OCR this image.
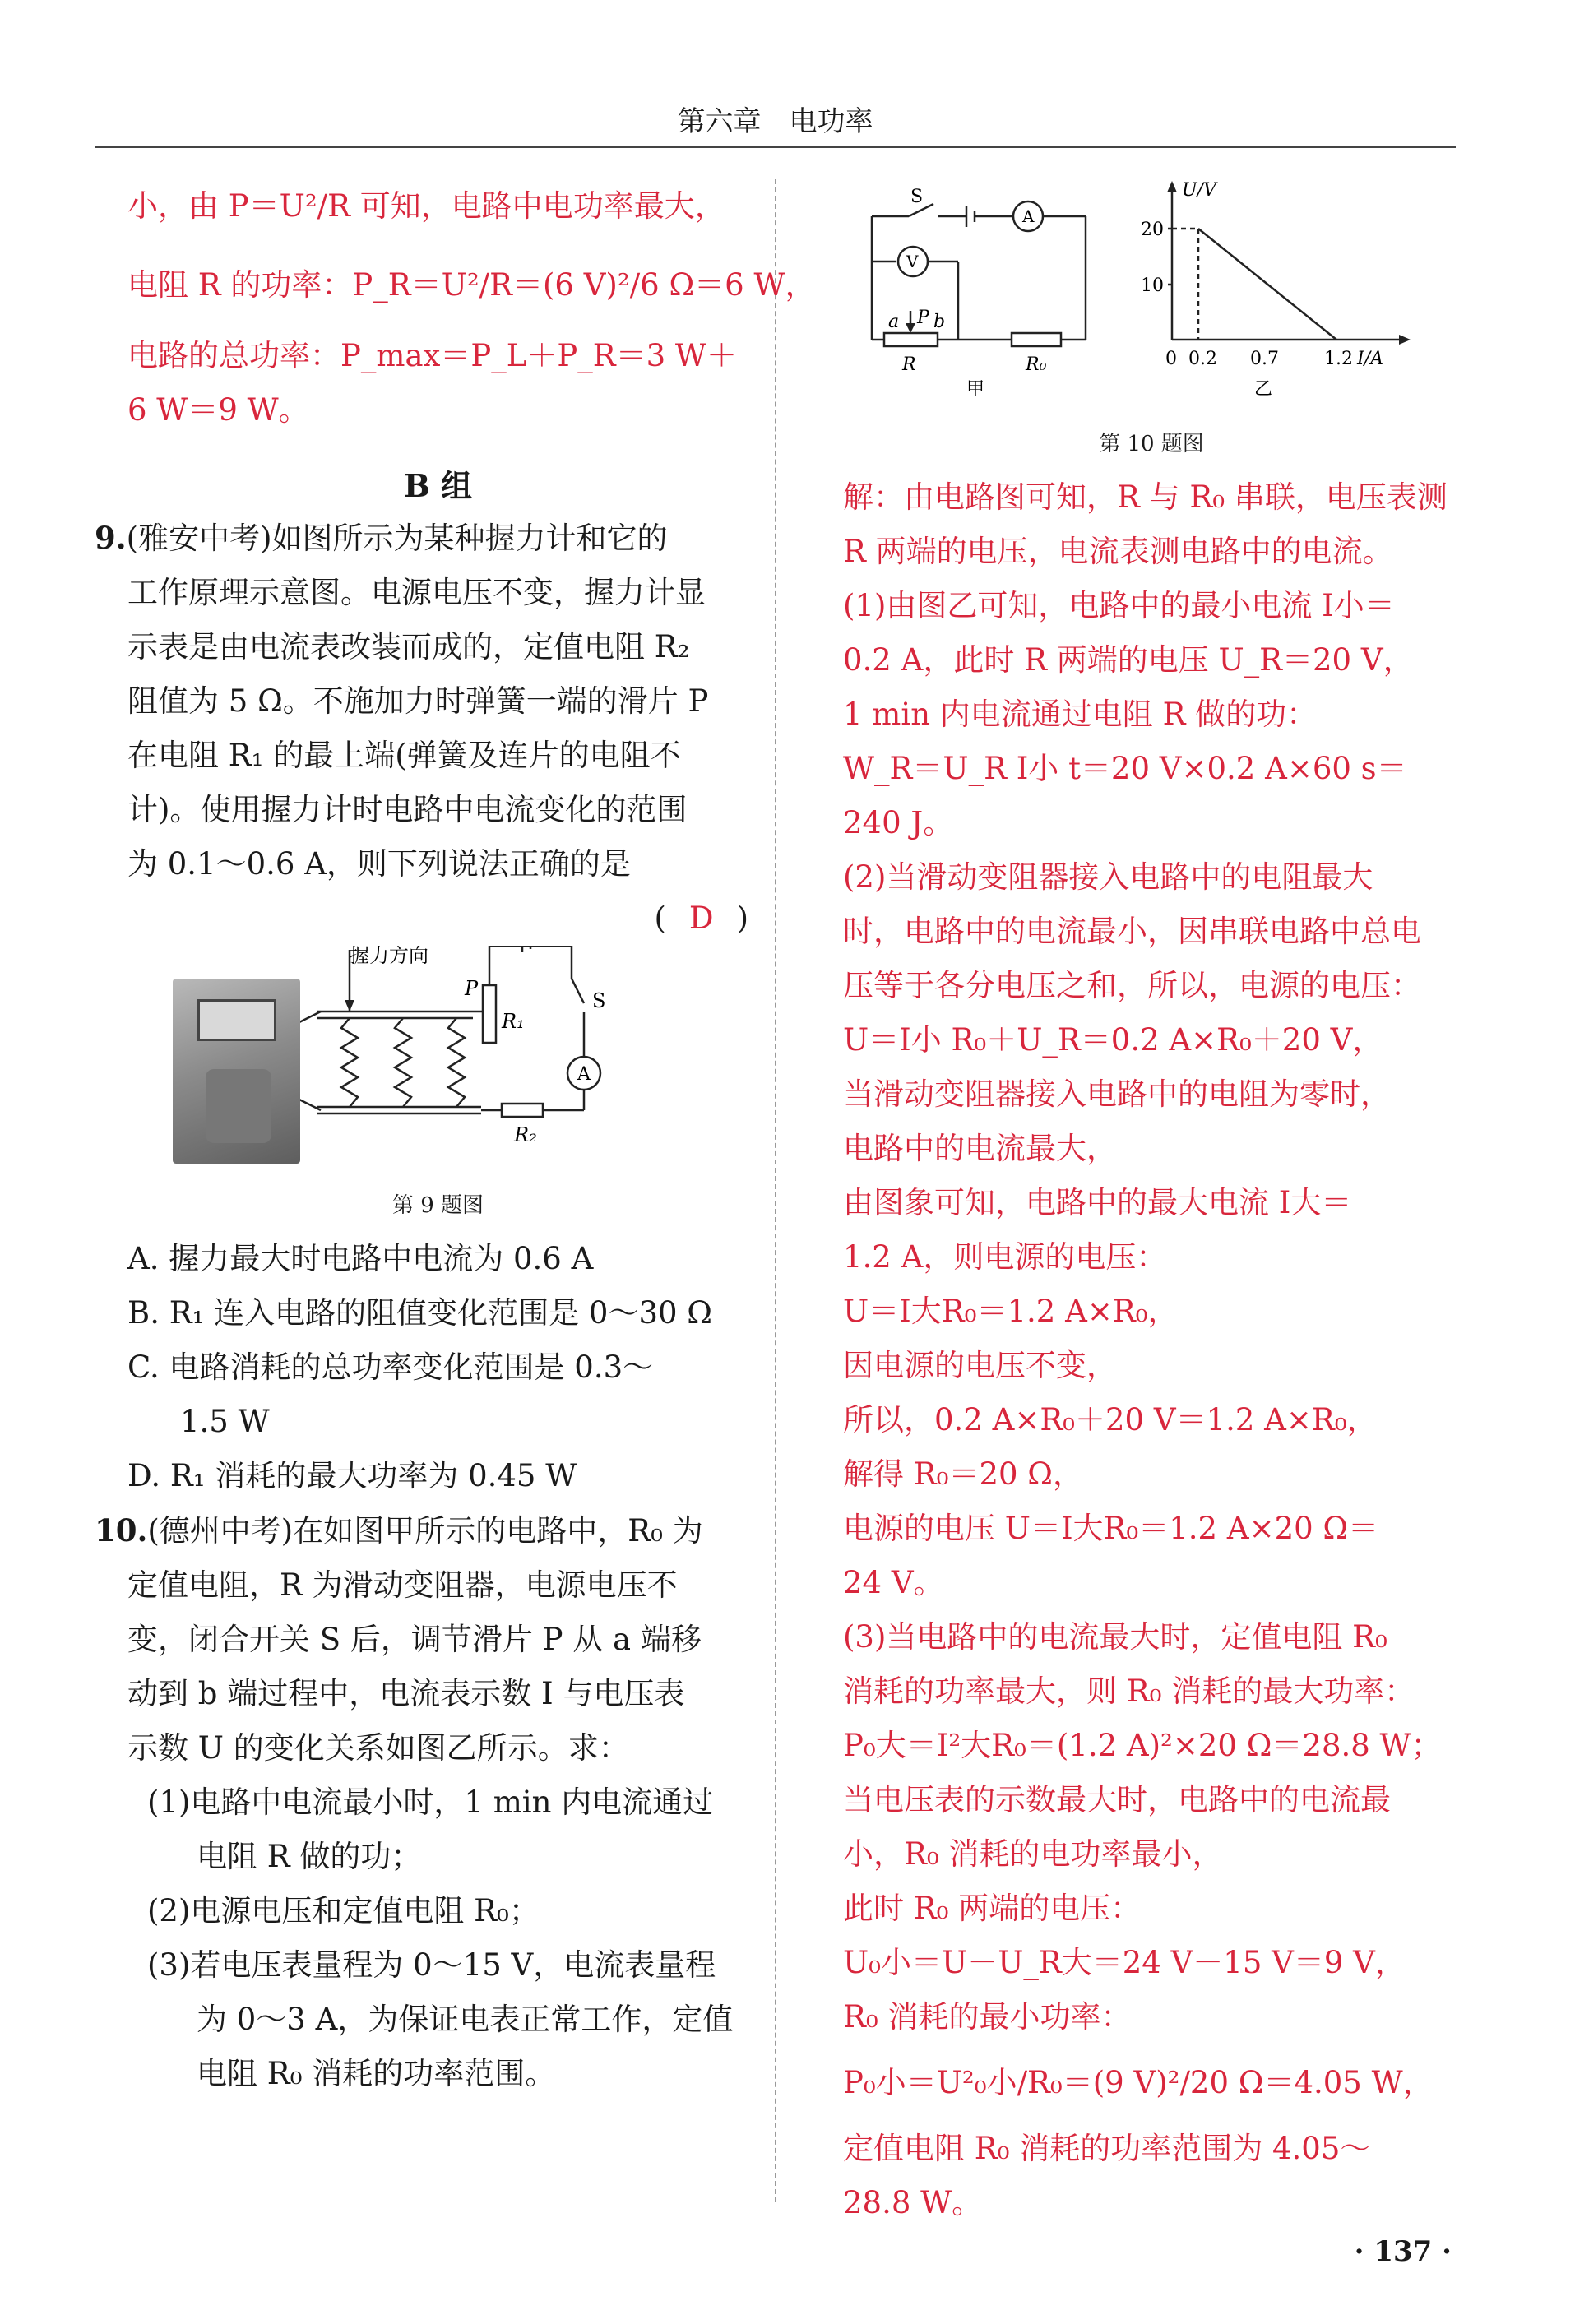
第六章　电功率
小，由 P＝U²/R 可知，电路中电功率最大，
电阻 R 的功率：P_R＝U²/R＝(6 V)²/6 Ω＝6 W，
电路的总功率：P_max＝P_L＋P_R＝3 W＋
6 W＝9 W。
B 组
9.(雅安中考)如图所示为某种握力计和它的
工作原理示意图。电源电压不变，握力计显
示表是由电流表改装而成的，定值电阻 R₂
阻值为 5 Ω。不施加力时弹簧一端的滑片 P
在电阻 R₁ 的最上端(弹簧及连片的电阻不
计)。使用握力计时电路中电流变化的范围
为 0.1～0.6 A，则下列说法正确的是
( D )
握力方向
P
R₁
S
A
R₂
第 9 题图
A. 握力最大时电路中电流为 0.6 A
B. R₁ 连入电路的阻值变化范围是 0～30 Ω
C. 电路消耗的总功率变化范围是 0.3～
1.5 W
D. R₁ 消耗的最大功率为 0.45 W
10.(德州中考)在如图甲所示的电路中，R₀ 为
定值电阻，R 为滑动变阻器，电源电压不
变，闭合开关 S 后，调节滑片 P 从 a 端移
动到 b 端过程中，电流表示数 I 与电压表
示数 U 的变化关系如图乙所示。求：
(1)电路中电流最小时，1 min 内电流通过
电阻 R 做的功；
(2)电源电压和定值电阻 R₀；
(3)若电压表量程为 0～15 V，电流表量程
为 0～3 A，为保证电表正常工作，定值
电阻 R₀ 消耗的功率范围。
S
A
V
a P b
R	R₀
甲
U/V
20
10
0 0.2 0.7	1.2 I/A
乙
第 10 题图
解：由电路图可知，R 与 R₀ 串联，电压表测
R 两端的电压，电流表测电路中的电流。
(1)由图乙可知，电路中的最小电流 I小＝
0.2 A，此时 R 两端的电压 U_R＝20 V，
1 min 内电流通过电阻 R 做的功：
W_R＝U_R I小 t＝20 V×0.2 A×60 s＝
240 J。
(2)当滑动变阻器接入电路中的电阻最大
时，电路中的电流最小，因串联电路中总电
压等于各分电压之和，所以，电源的电压：
U＝I小 R₀＋U_R＝0.2 A×R₀＋20 V，
当滑动变阻器接入电路中的电阻为零时，
电路中的电流最大，
由图象可知，电路中的最大电流 I大＝
1.2 A，则电源的电压：
U＝I大R₀＝1.2 A×R₀，
因电源的电压不变，
所以，0.2 A×R₀＋20 V＝1.2 A×R₀，
解得 R₀＝20 Ω，
电源的电压 U＝I大R₀＝1.2 A×20 Ω＝
24 V。
(3)当电路中的电流最大时，定值电阻 R₀
消耗的功率最大，则 R₀ 消耗的最大功率：
P₀大＝I²大R₀＝(1.2 A)²×20 Ω＝28.8 W；
当电压表的示数最大时，电路中的电流最
小，R₀ 消耗的电功率最小，
此时 R₀ 两端的电压：
U₀小＝U－U_R大＝24 V－15 V＝9 V，
R₀ 消耗的最小功率：
P₀小＝U²₀小/R₀＝(9 V)²/20 Ω＝4.05 W，
定值电阻 R₀ 消耗的功率范围为 4.05～
28.8 W。
· 137 ·
